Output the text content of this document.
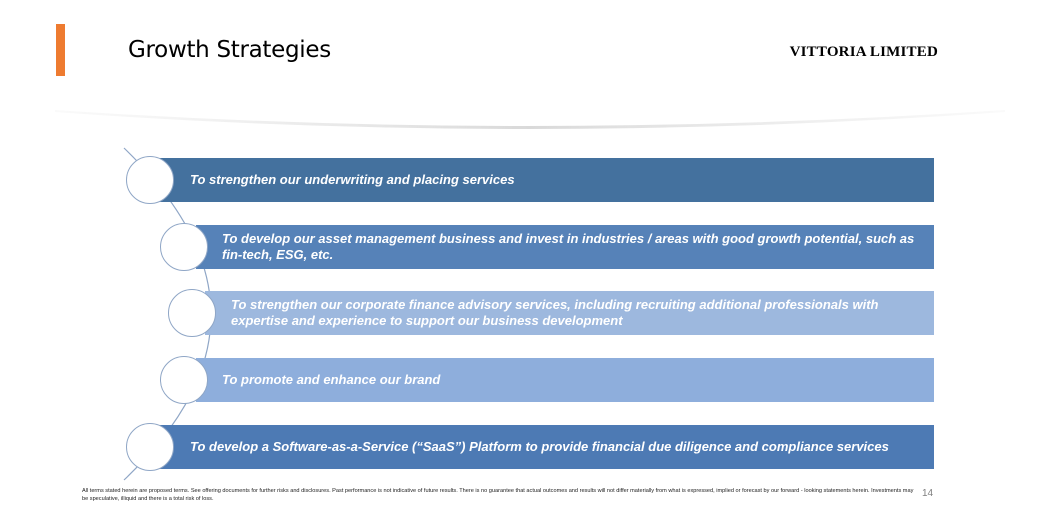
Growth Strategies	VITTORIA LIMITED
To strengthen our underwriting and placing services
To develop our asset management business and invest in industries / areas with good growth potential, such as fin-tech, ESG, etc.
To strengthen our corporate finance advisory services, including recruiting additional professionals with expertise and experience to support our business development
To promote and enhance our brand
To develop a Software-as-a-Service (“SaaS”) Platform to provide financial due diligence and compliance services
All terms stated herein are proposed terms. See offering documents for further risks and disclosures. Past performance is not indicative of future results. There is no guarantee that actual outcomes and results will not differ materially from what is expressed, implied or forecast by our forward - looking statements herein. Investments may be speculative, illiquid and there is a total risk of loss.	14
